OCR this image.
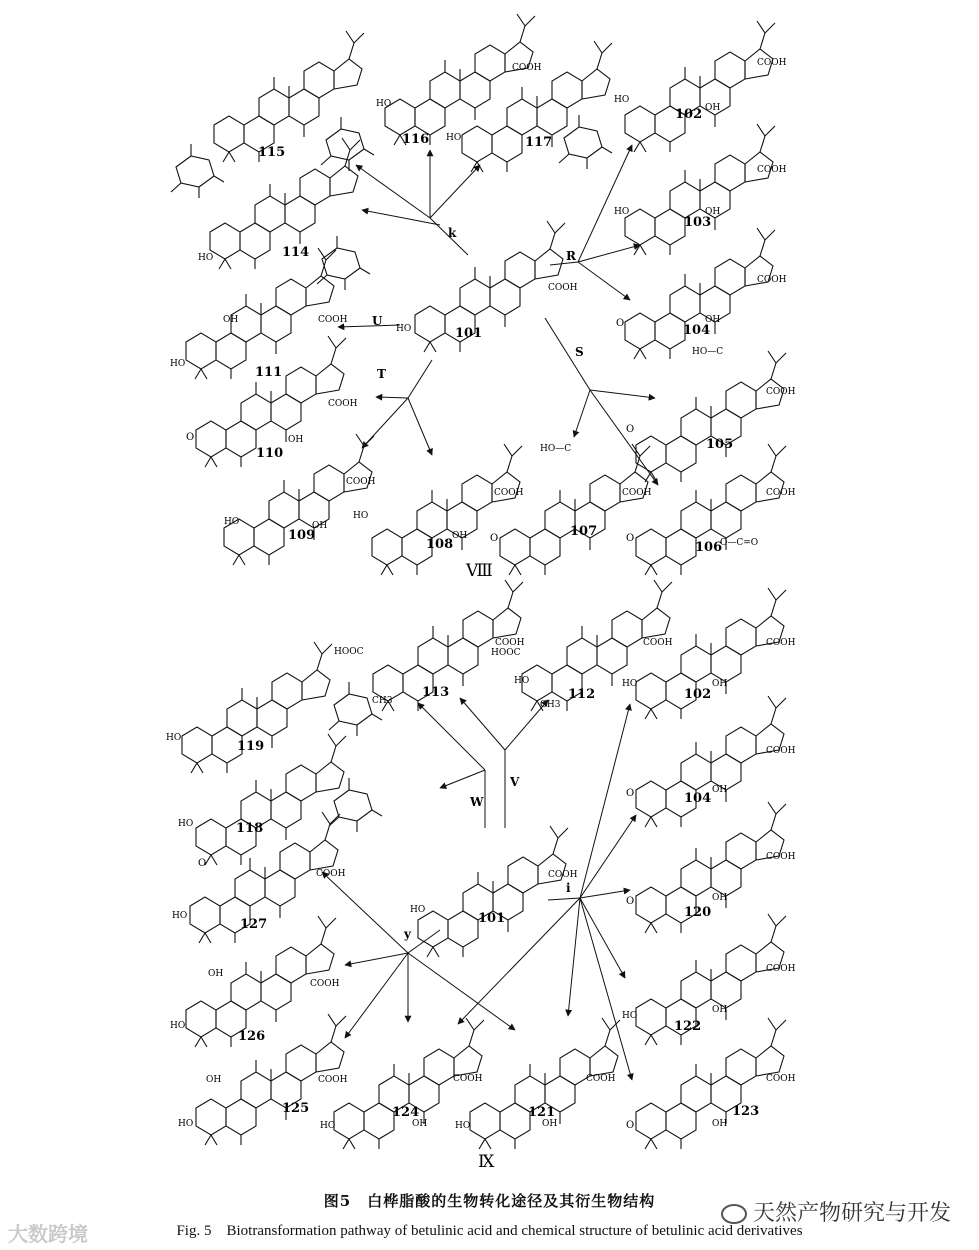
COOH
HO	101
k
R
S
T
U
COOH
OH
HO
102
COOH
OH
HO
103
COOH
OH
O	104
COOH
O
HO—C
105
COOH
O	O—C=O
106
COOH
O
HO—C
107
COOH
OH
HO
108
COOH
OH
HO
109
COOH
OH
O
110
COOH
OH
HO
111
HO	114
115
COOH
HO
116 HO	117
Ⅷ
COOH
HO
101
V
W
i
y
HOOC
COOH
CH3
113
HOOC
COOH
HO
CH3
112
COOH
OH
HO
102
COOH
OH
O	104
COOH
OH
O
120
COOH
OH
HO
122
COOH
OH
O
123
COOH
OH
HO
121
COOH
OH
HO
124
COOH
OH
HO
125
COOH
OH
HO
126
COOH
O
HO
127
HO	118
HO
119
Ⅸ
图5　白桦脂酸的生物转化途径及其衍生物结构
Fig. 5　Biotransformation pathway of betulinic acid and chemical structure of betulinic acid derivatives
大数跨境
天然产物研究与开发
